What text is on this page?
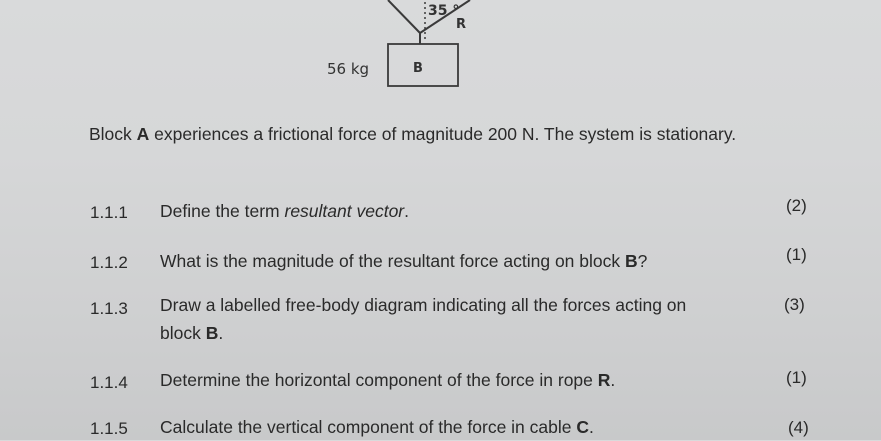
35 °
R
56 kg	B
Block A experiences a frictional force of magnitude 200 N. The system is stationary.
1.1.1 Define the term resultant vector.	(2)
1.1.2 What is the magnitude of the resultant force acting on block B?	(1)
1.1.3 Draw a labelled free-body diagram indicating all the forces acting on
block B.
(3)
1.1.4 Determine the horizontal component of the force in rope R.	(1)
1.1.5 Calculate the vertical component of the force in cable C.	(4)
